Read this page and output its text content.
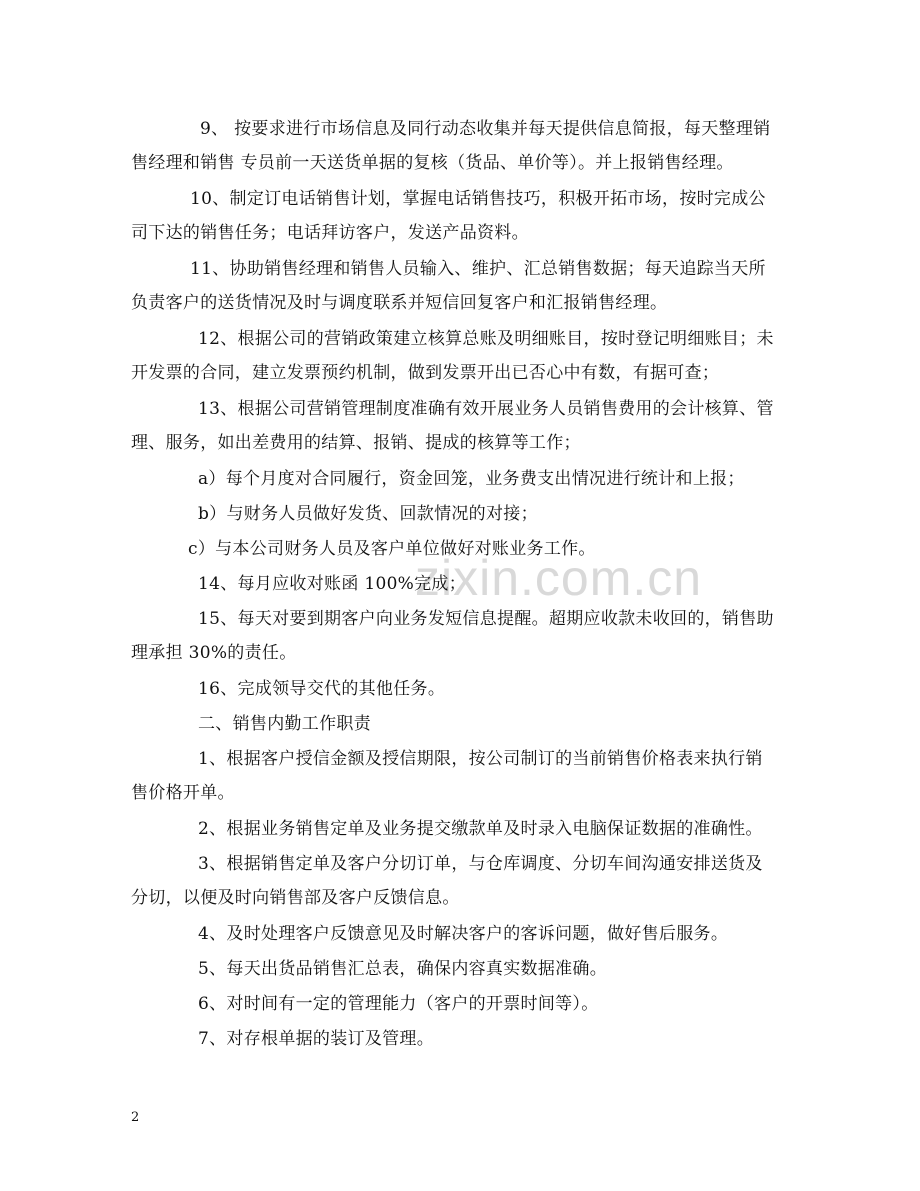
zixin.com.cn
9、 按要求进行市场信息及同行动态收集并每天提供信息简报，每天整理销
售经理和销售 专员前一天送货单据的复核（货品、单价等）。并上报销售经理。
10、制定订电话销售计划，掌握电话销售技巧，积极开拓市场，按时完成公
司下达的销售任务；电话拜访客户，发送产品资料。
11、协助销售经理和销售人员输入、维护、汇总销售数据；每天追踪当天所
负责客户的送货情况及时与调度联系并短信回复客户和汇报销售经理。
12、根据公司的营销政策建立核算总账及明细账目，按时登记明细账目；未
开发票的合同，建立发票预约机制，做到发票开出已否心中有数，有据可查；
13、根据公司营销管理制度准确有效开展业务人员销售费用的会计核算、管
理、服务，如出差费用的结算、报销、提成的核算等工作；
a）每个月度对合同履行，资金回笼，业务费支出情况进行统计和上报；
b）与财务人员做好发货、回款情况的对接；
c）与本公司财务人员及客户单位做好对账业务工作。
14、每月应收对账函 100%完成；
15、每天对要到期客户向业务发短信息提醒。超期应收款未收回的，销售助
理承担 30%的责任。
16、完成领导交代的其他任务。
二、销售内勤工作职责
1、根据客户授信金额及授信期限，按公司制订的当前销售价格表来执行销
售价格开单。
2、根据业务销售定单及业务提交缴款单及时录入电脑保证数据的准确性。
3、根据销售定单及客户分切订单，与仓库调度、分切车间沟通安排送货及
分切，以便及时向销售部及客户反馈信息。
4、及时处理客户反馈意见及时解决客户的客诉问题，做好售后服务。
5、每天出货品销售汇总表，确保内容真实数据准确。
6、对时间有一定的管理能力（客户的开票时间等）。
7、对存根单据的装订及管理。
2
